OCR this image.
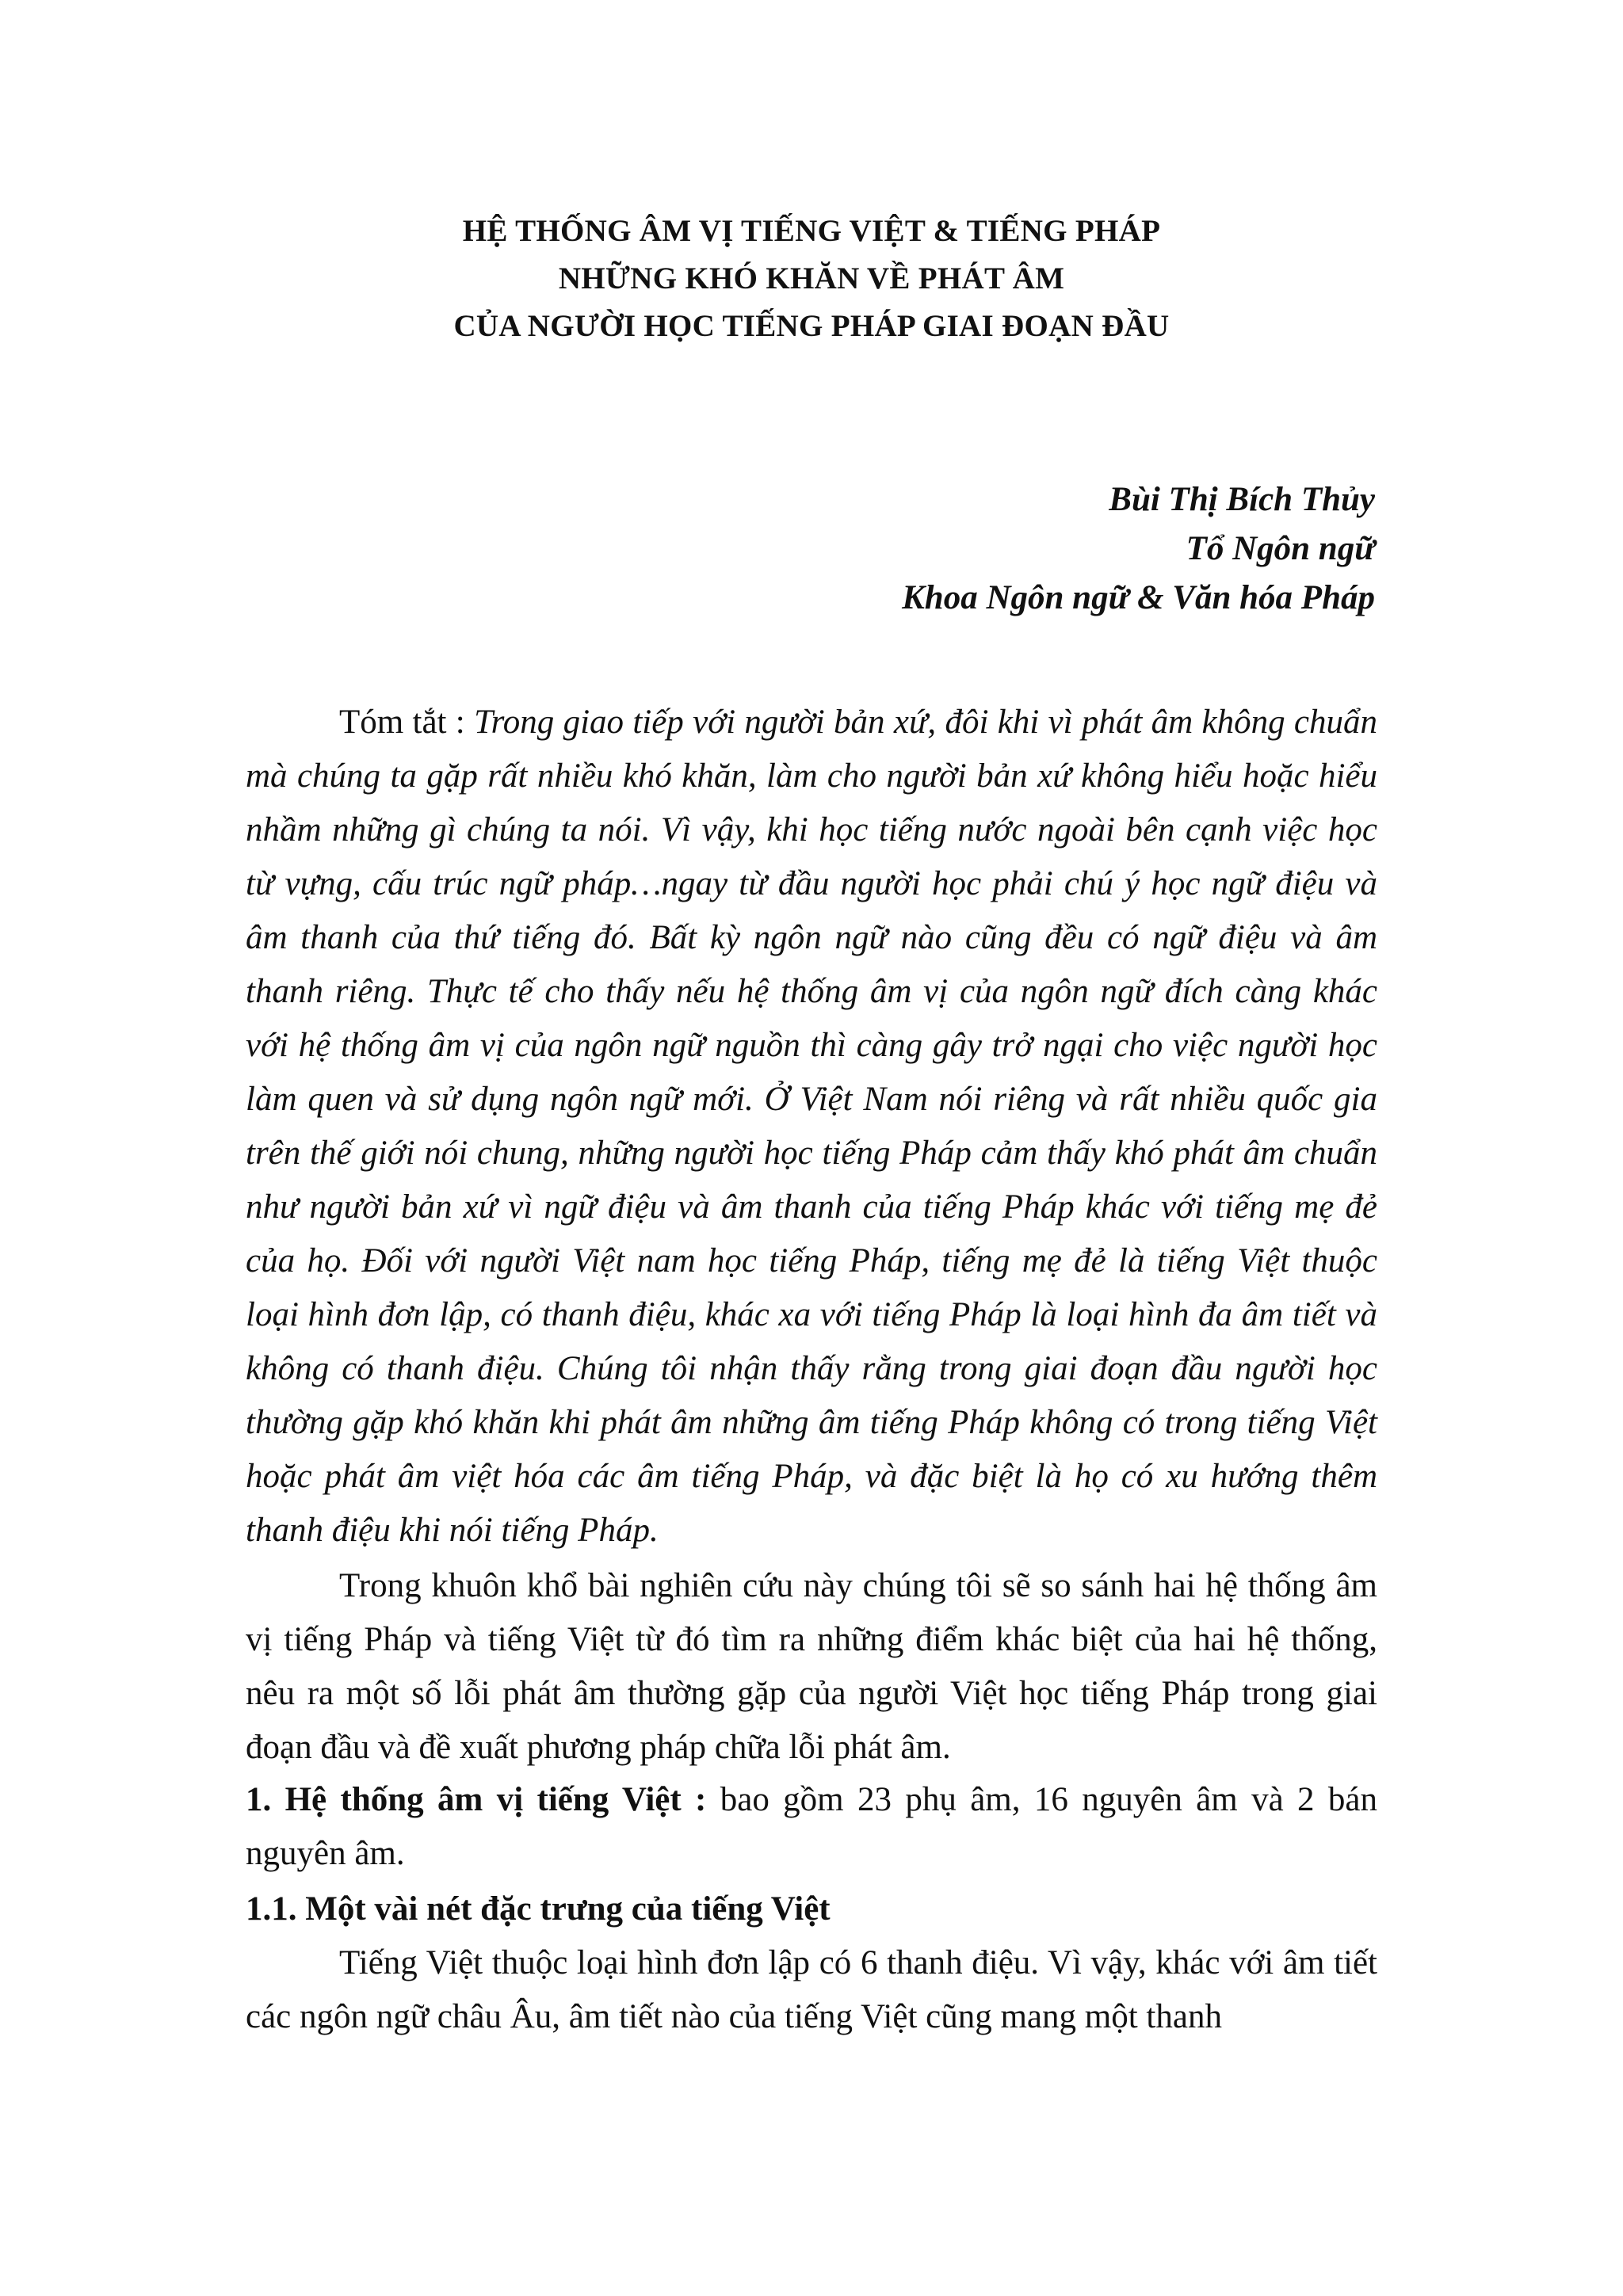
HỆ THỐNG ÂM VỊ TIẾNG VIỆT & TIẾNG PHÁP
NHỮNG KHÓ KHĂN VỀ PHÁT ÂM
CỦA NGƯỜI HỌC TIẾNG PHÁP GIAI ĐOẠN ĐẦU
Bùi Thị Bích Thủy
Tổ Ngôn ngữ
Khoa Ngôn ngữ & Văn hóa Pháp

Tóm tắt : Trong giao tiếp với người bản xứ, đôi khi vì phát âm không chuẩn mà chúng ta gặp rất nhiều khó khăn, làm cho người bản xứ không hiểu hoặc hiểu nhầm những gì chúng ta nói. Vì vậy, khi học tiếng nước ngoài bên cạnh việc học từ vựng, cấu trúc ngữ pháp…ngay từ đầu người học phải chú ý học ngữ điệu và âm thanh của thứ tiếng đó. Bất kỳ ngôn ngữ nào cũng đều có ngữ điệu và âm thanh riêng. Thực tế cho thấy nếu hệ thống âm vị của ngôn ngữ đích càng khác với hệ thống âm vị của ngôn ngữ nguồn thì càng gây trở ngại cho việc người học làm quen và sử dụng ngôn ngữ mới. Ở Việt Nam nói riêng và rất nhiều quốc gia trên thế giới nói chung, những người học tiếng Pháp cảm thấy khó phát âm chuẩn như người bản xứ vì ngữ điệu và âm thanh của tiếng Pháp khác với tiếng mẹ đẻ của họ. Đối với người Việt nam học tiếng Pháp, tiếng mẹ đẻ là tiếng Việt thuộc loại hình đơn lập, có thanh điệu, khác xa với tiếng Pháp là loại hình đa âm tiết và không có thanh điệu. Chúng tôi nhận thấy rằng trong giai đoạn đầu người học thường gặp khó khăn khi phát âm những âm tiếng Pháp không có trong tiếng Việt hoặc phát âm việt hóa các âm tiếng Pháp, và đặc biệt là họ có xu hướng thêm thanh điệu khi nói tiếng Pháp.

Trong khuôn khổ bài nghiên cứu này chúng tôi sẽ so sánh hai hệ thống âm vị tiếng Pháp và tiếng Việt từ đó tìm ra những điểm khác biệt của hai hệ thống, nêu ra một số lỗi phát âm thường gặp của người Việt học tiếng Pháp trong giai đoạn đầu và đề xuất phương pháp chữa lỗi phát âm.

1. Hệ thống âm vị tiếng Việt : bao gồm 23 phụ âm, 16 nguyên âm và 2 bán nguyên âm.

1.1. Một vài nét đặc trưng của tiếng Việt

Tiếng Việt thuộc loại hình đơn lập có 6 thanh điệu. Vì vậy, khác với âm tiết các ngôn ngữ châu Âu, âm tiết nào của tiếng Việt cũng mang một thanh
